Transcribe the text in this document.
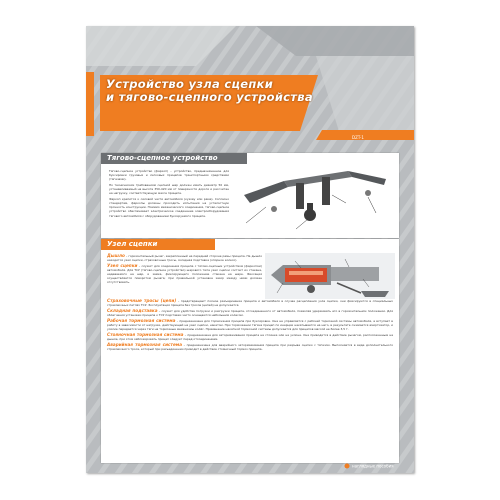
Устройство узла сцепки
и тягово-сцепного устройства
DZT-1
Тягово-сцепное устройство

Тягово-сцепное устройство (фаркоп) – устройство, предназначенное для буксировки грузовых и легковых прицепов транспортными средствами (тягачами).

По техническим требованиям сцепной шар должен иметь диаметр 50 мм, устанавливаемый на высоте 350-420 мм от поверхности дороги и рассчитан на нагрузку, соответствующую массе прицепа.

Фаркоп крепится к силовой части автомобиля (кузову или раме). Согласно стандартам, фаркопы должны проходить испытания на усталостную прочность конструкции. Помимо механического соединения, тягово-сцепное устройство обеспечивает электрическое соединение электрооборудования тягового автомобиля с оборудованием буксируемого прицепа.

Узел сцепки

Дышло – горизонтальный рычаг, закрепленный на передней стороне рамы прицепа. На дышло находится узел сцепки, страховочные тросы, складная подставка (опорное колесо).

Узел сцепки – служит для соединения прицепа с тягово-сцепным устройством (фаркопом) автомобиля. Для ТСУ (тягово-сцепное устройство) шарового типа узел сцепки состоит из стакана, надеваемого на шар, и замка, фиксирующего положение стакана на шаре. Фиксация осуществляется поворотом рычага; при правильной установке зазор между ними должен отсутствовать.

Страховочные тросы (цепи) – предотвращают полное разъединение прицепа и автомобиля в случае расцепления узла сцепки, они фиксируются в специальных страховочных петлях ТСУ. Эксплуатация прицепа без тросов (цепей) не допускается.

Складная подставка – служит для удобства погрузки и разгрузки прицепа, отсоединенного от автомобиля, позволяя удерживать его в горизонтальном положении. Для облегчения установки прицепа к ТСУ подставки часто оснащаются небольшим колесом.

Рабочая тормозная система – предназначена для торможения прицепа при буксировке. Она не управляется с рабочей тормозной системы автомобиля, а вступает в работу в зависимости от нагрузки, действующей на узел сцепки, накатом. При торможении тягача прицеп по инерции накатывается на него, в результате сжимается амортизатор, и усилие передается через тяги на тормозные механизмы колёс. Применение накатной тормозной системы допускается для прицепов массой не более 3,5 т.

Стояночная тормозная система – предназначена для затормаживания прицепа на стоянке или на уклоне. Она приводится в действие рычагом, расположенным на дышле, при этом заблокировать прицеп следует перед отсоединением.

Аварийная тормозная система – предназначена для аварийного затормаживания прицепа при разрыве сцепки с тягачом. Выполняется в виде дополнительного страховочного троса, который при разъединении приводит в действие стояночный тормоз прицепа.

наглядные пособия
